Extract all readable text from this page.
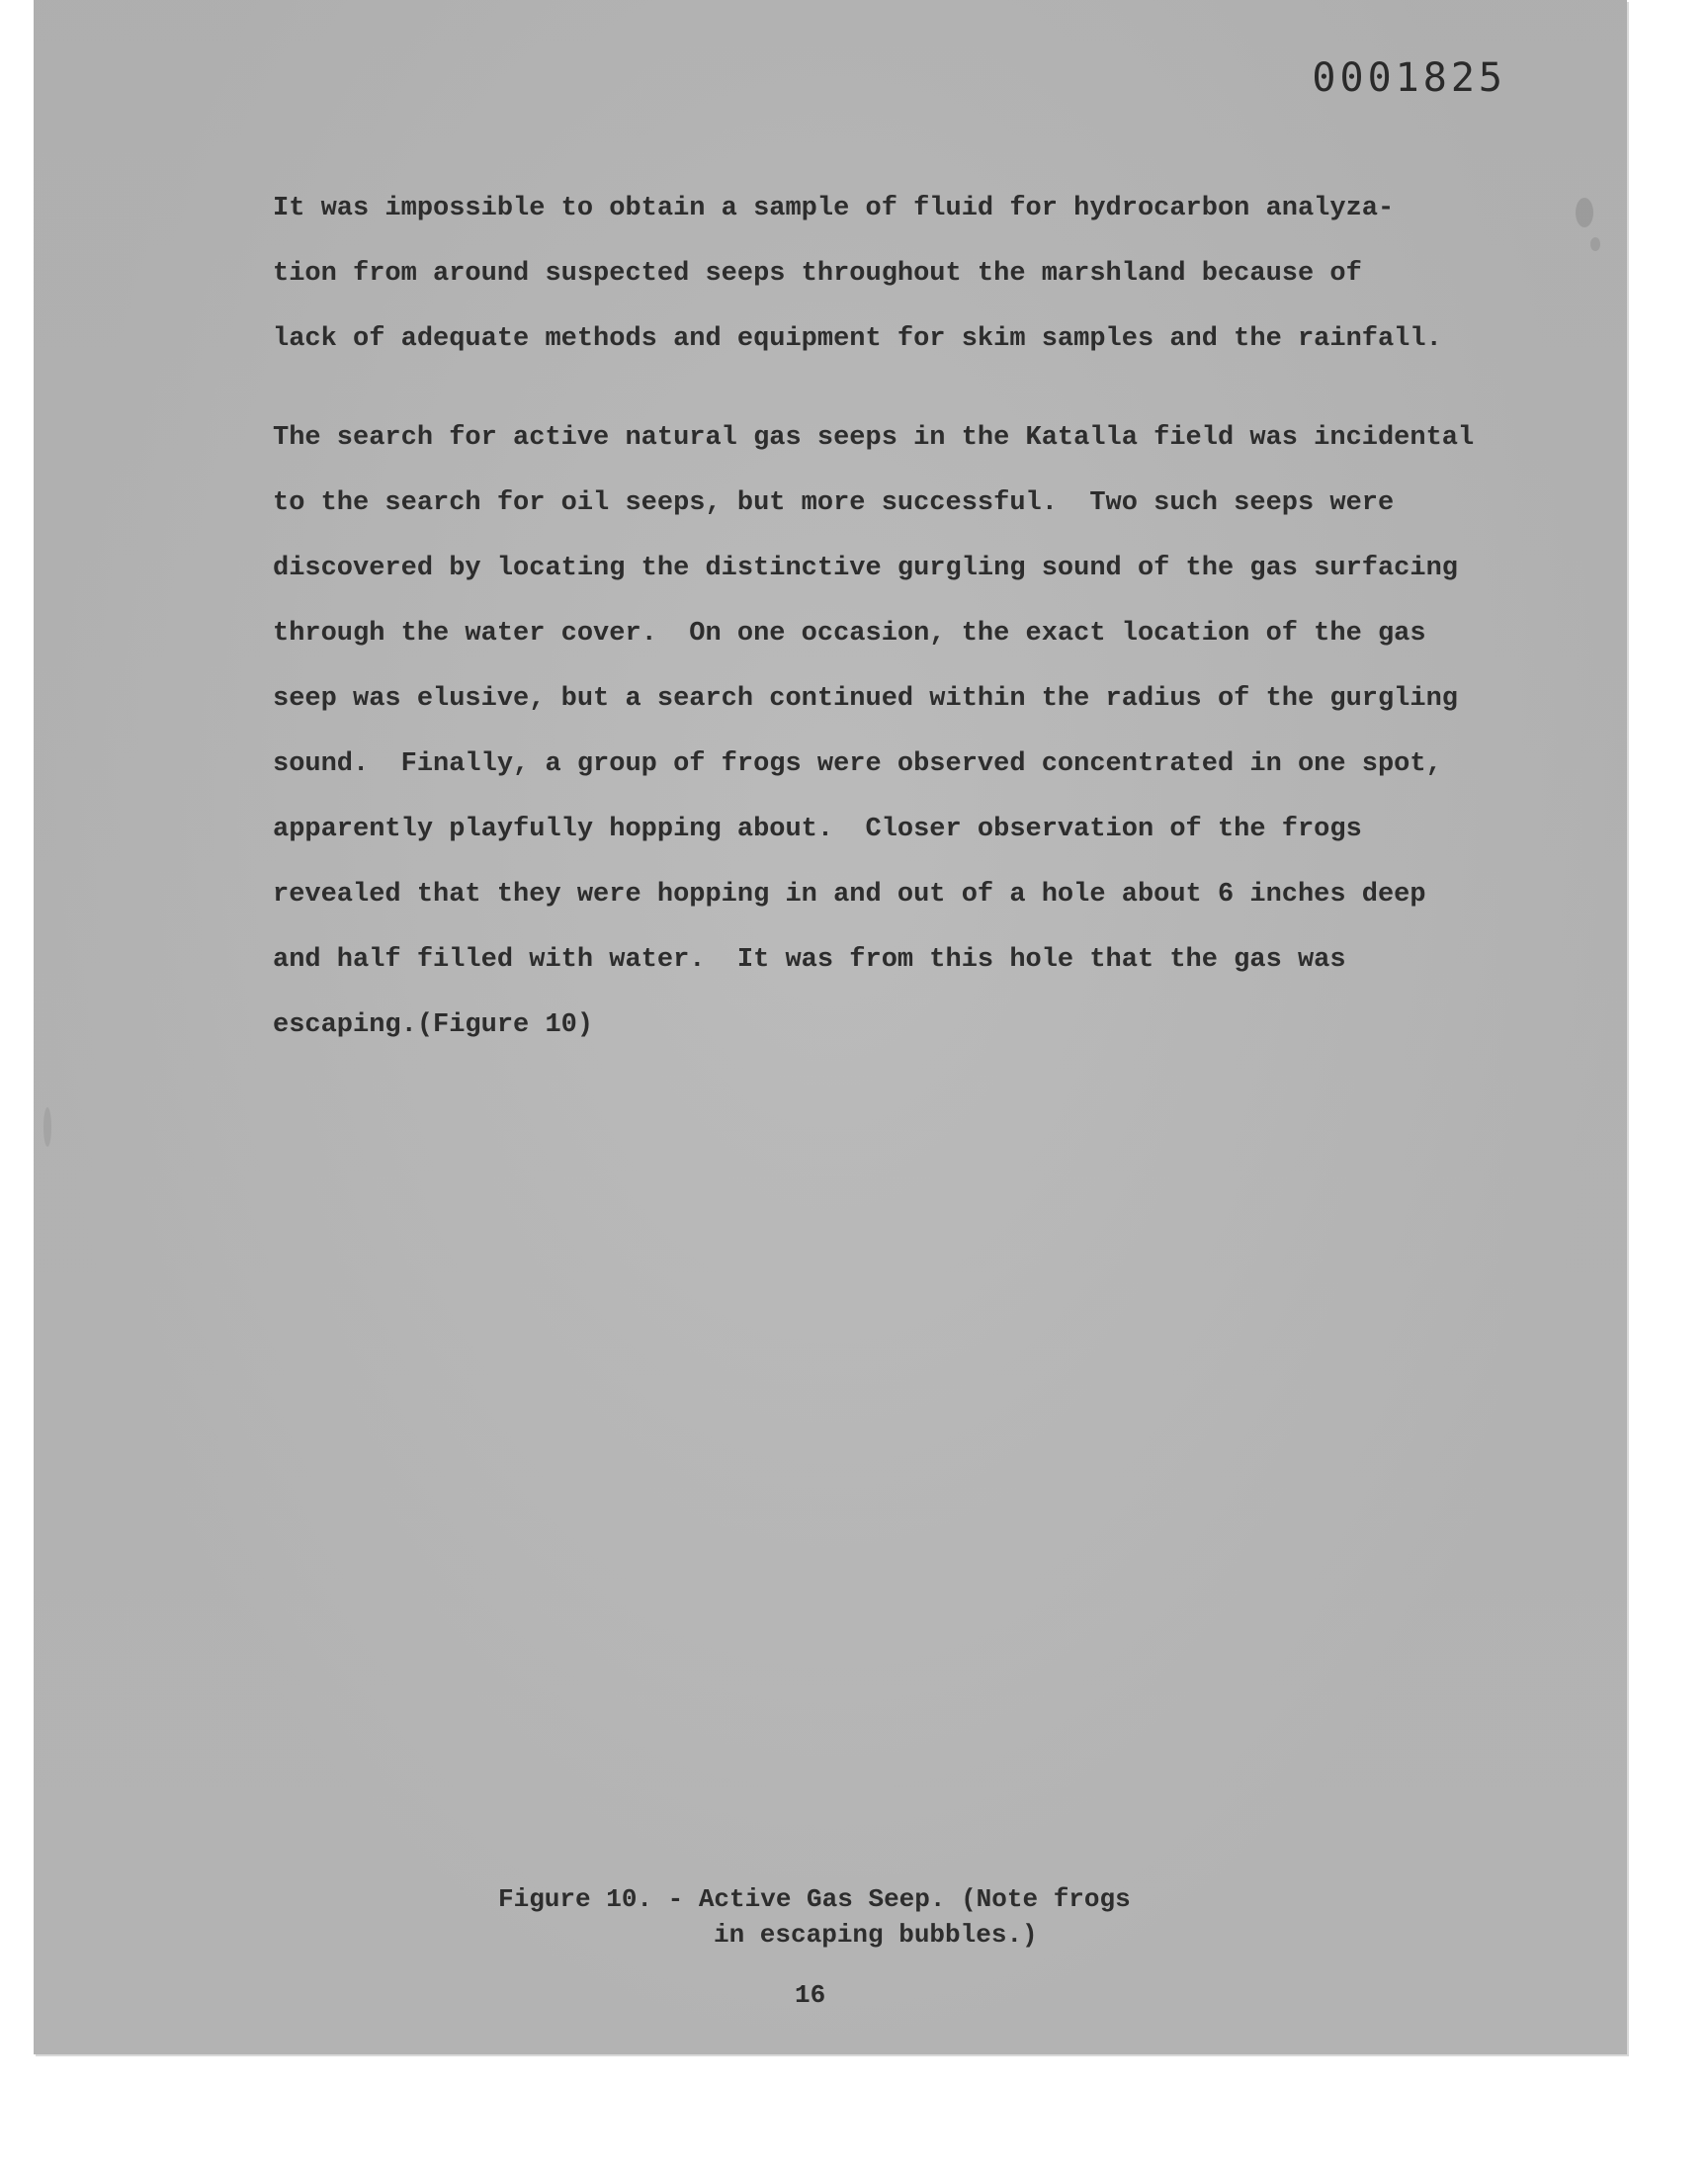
0001825
It was impossible to obtain a sample of fluid for hydrocarbon analyza-
tion from around suspected seeps throughout the marshland because of
lack of adequate methods and equipment for skim samples and the rainfall.
The search for active natural gas seeps in the Katalla field was incidental
to the search for oil seeps, but more successful.  Two such seeps were
discovered by locating the distinctive gurgling sound of the gas surfacing
through the water cover.  On one occasion, the exact location of the gas
seep was elusive, but a search continued within the radius of the gurgling
sound.  Finally, a group of frogs were observed concentrated in one spot,
apparently playfully hopping about.  Closer observation of the frogs
revealed that they were hopping in and out of a hole about 6 inches deep
and half filled with water.  It was from this hole that the gas was
escaping.(Figure 10)
Figure 10. - Active Gas Seep. (Note frogs
in escaping bubbles.)
16
